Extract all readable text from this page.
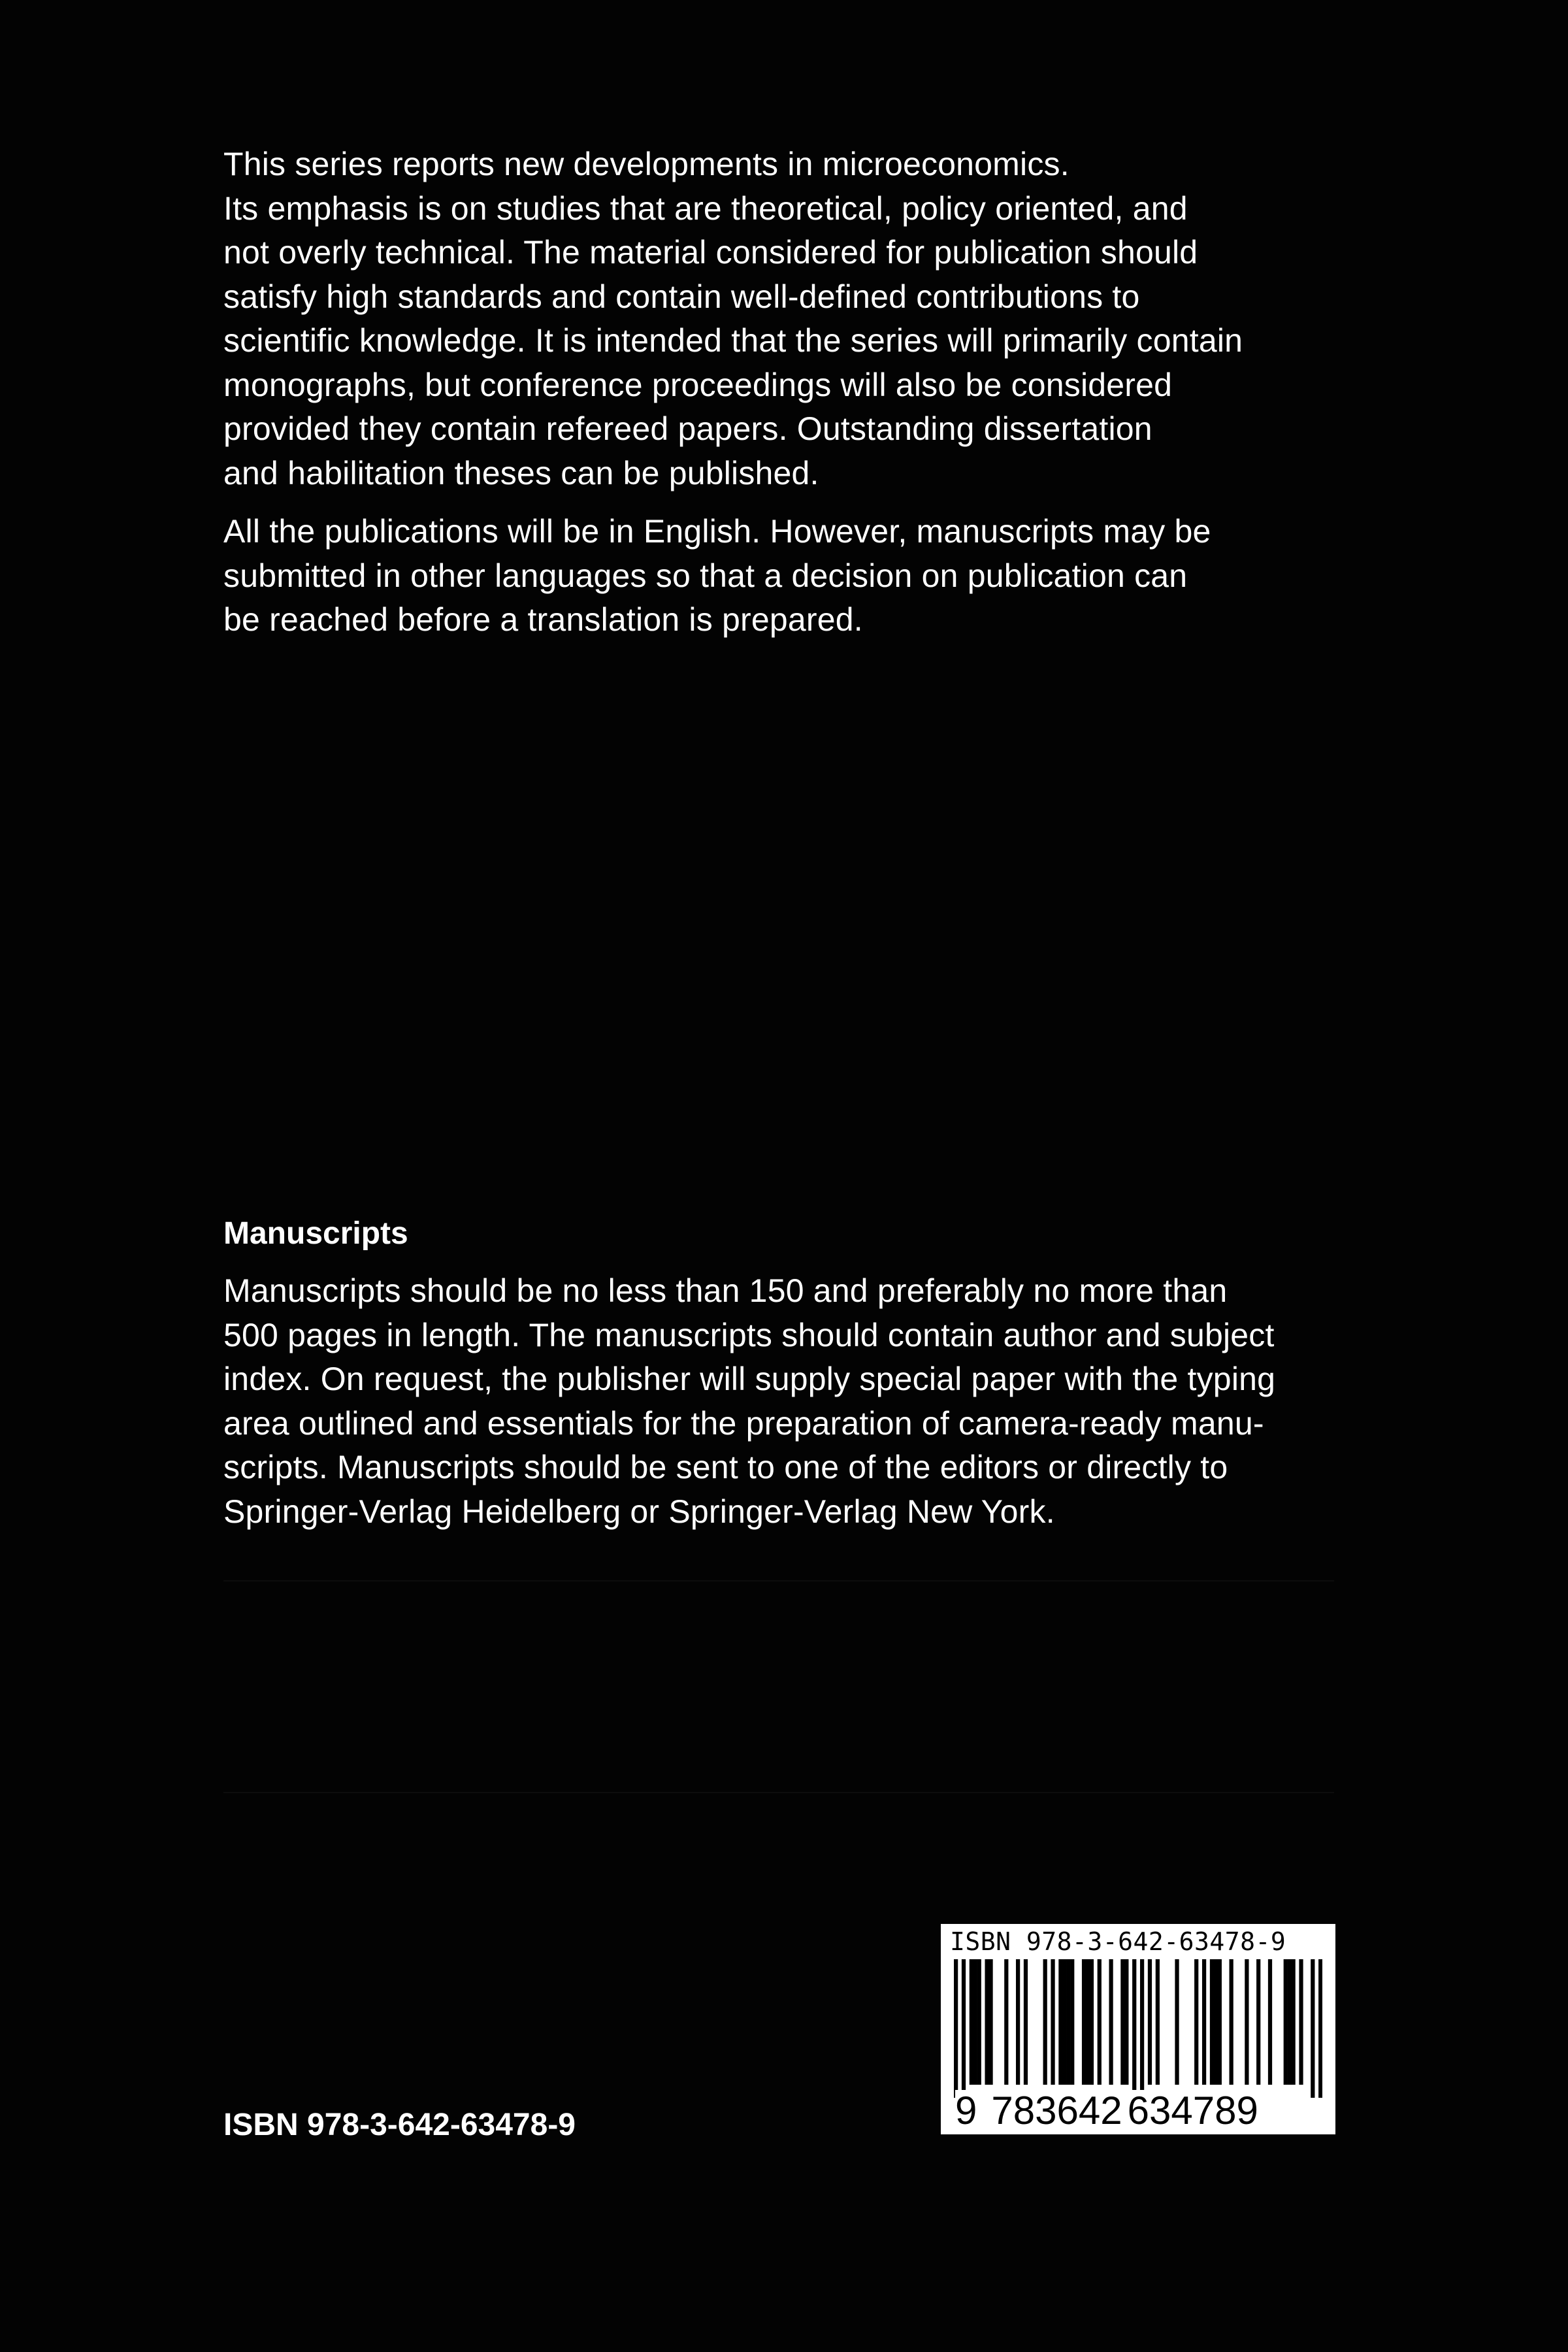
This series reports new developments in microeconomics.
Its emphasis is on studies that are theoretical, policy oriented, and
not overly technical. The material considered for publication should
satisfy high standards and contain well-defined contributions to
scientific knowledge. It is intended that the series will primarily contain
monographs, but conference proceedings will also be considered
provided they contain refereed papers. Outstanding dissertation
and habilitation theses can be published.

All the publications will be in English. However, manuscripts may be
submitted in other languages so that a decision on publication can
be reached before a translation is prepared.

Manuscripts

Manuscripts should be no less than 150 and preferably no more than
500 pages in length. The manuscripts should contain author and subject
index. On request, the publisher will supply special paper with the typing
area outlined and essentials for the preparation of camera-ready manu-
scripts. Manuscripts should be sent to one of the editors or directly to
Springer-Verlag Heidelberg or Springer-Verlag New York.

ISBN 978-3-642-63478-9
ISBN 978-3-642-63478-9
9 783642 634789
